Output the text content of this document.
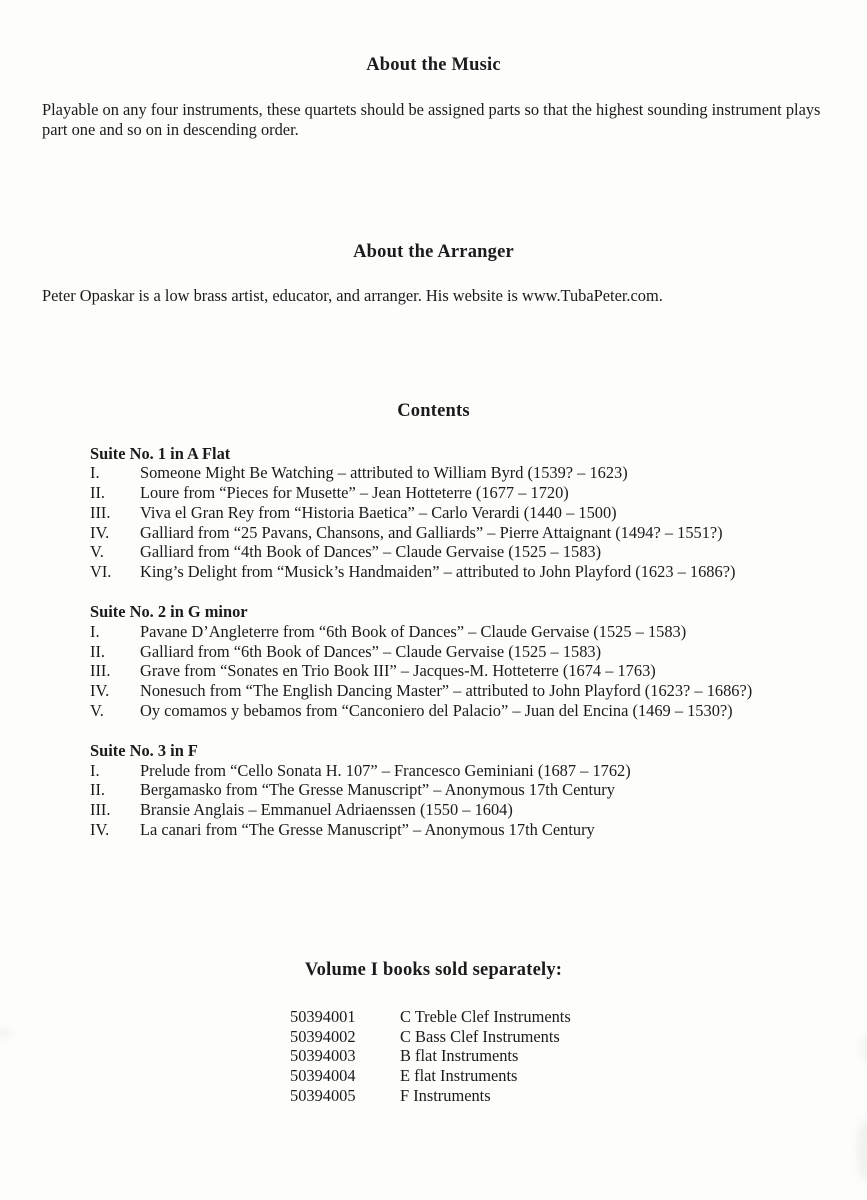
About the Music

Playable on any four instruments, these quartets should be assigned parts so that the highest sounding instrument plays part one and so on in descending order.

About the Arranger

Peter Opaskar is a low brass artist, educator, and arranger. His website is www.TubaPeter.com.

Contents
Suite No. 1 in A Flat
I.	Someone Might Be Watching – attributed to William Byrd (1539? – 1623)
II.	Loure from “Pieces for Musette” – Jean Hotteterre (1677 – 1720)
III.	Viva el Gran Rey from “Historia Baetica” – Carlo Verardi (1440 – 1500)
IV.	Galliard from “25 Pavans, Chansons, and Galliards” – Pierre Attaignant (1494? – 1551?)
V.	Galliard from “4th Book of Dances” – Claude Gervaise (1525 – 1583)
VI.	King’s Delight from “Musick’s Handmaiden” – attributed to John Playford (1623 – 1686?)
Suite No. 2 in G minor
I.	Pavane D’Angleterre from “6th Book of Dances” – Claude Gervaise (1525 – 1583)
II.	Galliard from “6th Book of Dances” – Claude Gervaise (1525 – 1583)
III.	Grave from “Sonates en Trio Book III” – Jacques-M. Hotteterre (1674 – 1763)
IV.	Nonesuch from “The English Dancing Master” – attributed to John Playford (1623? – 1686?)
V.	Oy comamos y bebamos from “Canconiero del Palacio” – Juan del Encina (1469 – 1530?)
Suite No. 3 in F
I.	Prelude from “Cello Sonata H. 107” – Francesco Geminiani (1687 – 1762)
II.	Bergamasko from “The Gresse Manuscript” – Anonymous 17th Century
III.	Bransie Anglais – Emmanuel Adriaenssen (1550 – 1604)
IV.	La canari from “The Gresse Manuscript” – Anonymous 17th Century
Volume I books sold separately:
50394001	C Treble Clef Instruments
50394002	C Bass Clef Instruments
50394003	B flat Instruments
50394004	E flat Instruments
50394005	F Instruments
